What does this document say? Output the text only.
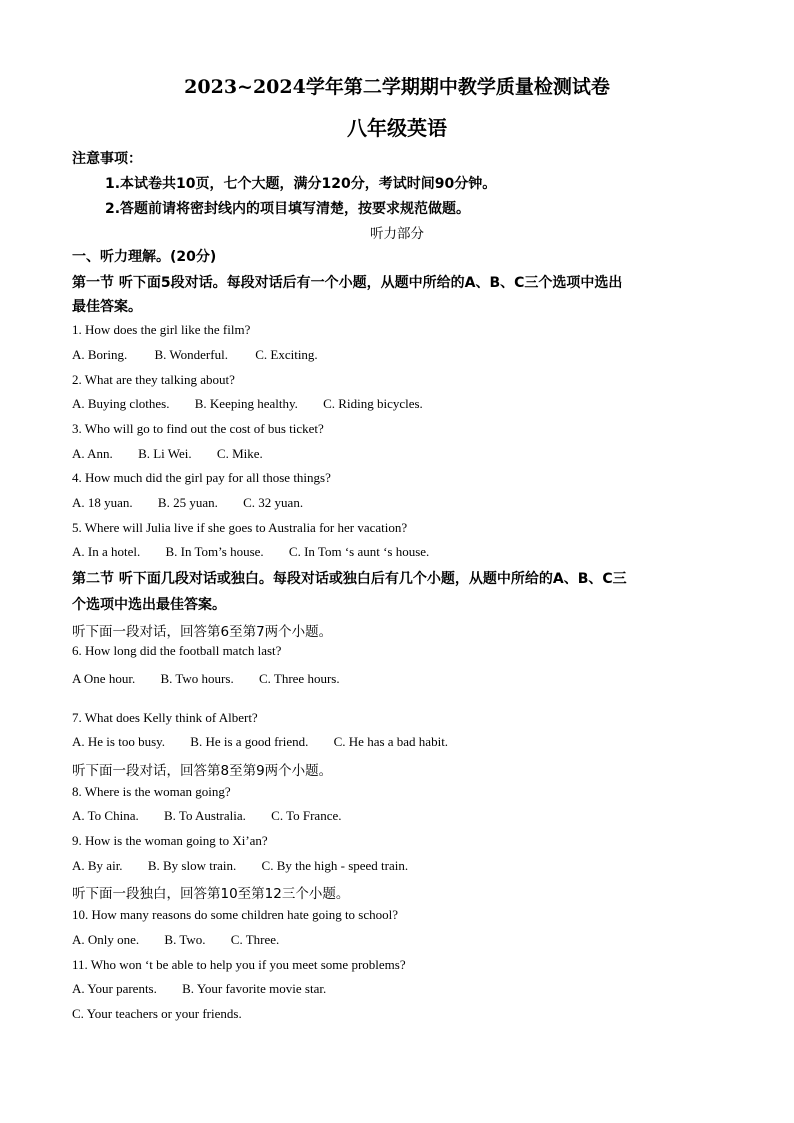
2023~2024学年第二学期期中教学质量检测试卷
八年级英语
注意事项：
1.本试卷共10页，七个大题，满分120分，考试时间90分钟。
2.答题前请将密封线内的项目填写清楚，按要求规范做题。
听力部分
一、听力理解。(20分)
第一节 听下面5段对话。每段对话后有一个小题，从题中所给的A、B、C三个选项中选出
最佳答案。
1. How does the girl like the film?
A. Boring. B. Wonderful. C. Exciting.
2. What are they talking about?
A. Buying clothes. B. Keeping healthy. C. Riding bicycles.
3. Who will go to find out the cost of bus ticket?
A. Ann. B. Li Wei. C. Mike.
4. How much did the girl pay for all those things?
A. 18 yuan. B. 25 yuan. C. 32 yuan.
5. Where will Julia live if she goes to Australia for her vacation?
A. In a hotel. B. In Tom’s house. C. In Tom ‘s aunt ‘s house.
第二节 听下面几段对话或独白。每段对话或独白后有几个小题，从题中所给的A、B、C三
个选项中选出最佳答案。
听下面一段对话，回答第6至第7两个小题。
6. How long did the football match last?
A One hour. B. Two hours. C. Three hours.
7. What does Kelly think of Albert?
A. He is too busy. B. He is a good friend. C. He has a bad habit.
听下面一段对话，回答第8至第9两个小题。
8. Where is the woman going?
A. To China. B. To Australia. C. To France.
9. How is the woman going to Xi’an?
A. By air. B. By slow train. C. By the high - speed train.
听下面一段独白，回答第10至第12三个小题。
10. How many reasons do some children hate going to school?
A. Only one. B. Two. C. Three.
11. Who won ‘t be able to help you if you meet some problems?
A. Your parents. B. Your favorite movie star.
C. Your teachers or your friends.
